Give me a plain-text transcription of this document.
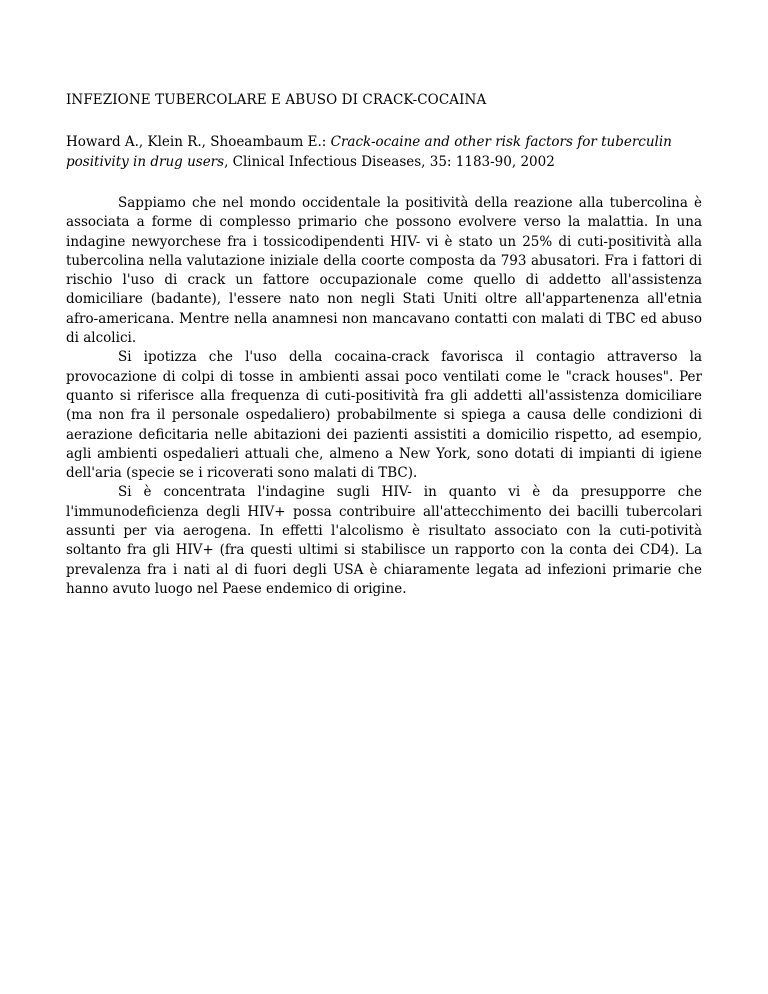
INFEZIONE TUBERCOLARE E ABUSO DI CRACK-COCAINA
Howard A., Klein R., Shoeambaum E.: Crack-ocaine and other risk factors for tuberculin positivity in drug users, Clinical Infectious Diseases, 35: 1183-90, 2002

Sappiamo che nel mondo occidentale la positività della reazione alla tubercolina è associata a forme di complesso primario che possono evolvere verso la malattia. In una indagine newyorchese fra i tossicodipendenti HIV- vi è stato un 25% di cuti-positività alla tubercolina nella valutazione iniziale della coorte composta da 793 abusatori. Fra i fattori di rischio l'uso di crack un fattore occupazionale come quello di addetto all'assistenza domiciliare (badante), l'essere nato non negli Stati Uniti oltre all'appartenenza all'etnia afro-americana. Mentre nella anamnesi non mancavano contatti con malati di TBC ed abuso di alcolici.

Si ipotizza che l'uso della cocaina-crack favorisca il contagio attraverso la provocazione di colpi di tosse in ambienti assai poco ventilati come le "crack houses". Per quanto si riferisce alla frequenza di cuti-positività fra gli addetti all'assistenza domiciliare (ma non fra il personale ospedaliero) probabilmente si spiega a causa delle condizioni di aerazione deficitaria nelle abitazioni dei pazienti assistiti a domicilio rispetto, ad esempio, agli ambienti ospedalieri attuali che, almeno a New York, sono dotati di impianti di igiene dell'aria (specie se i ricoverati sono malati di TBC).

Si è concentrata l'indagine sugli HIV- in quanto vi è da presupporre che l'immunodeficienza degli HIV+ possa contribuire all'attecchimento dei bacilli tubercolari assunti per via aerogena. In effetti l'alcolismo è risultato associato con la cuti-potività soltanto fra gli HIV+ (fra questi ultimi si stabilisce un rapporto con la conta dei CD4). La prevalenza fra i nati al di fuori degli USA è chiaramente legata ad infezioni primarie che hanno avuto luogo nel Paese endemico di origine.
